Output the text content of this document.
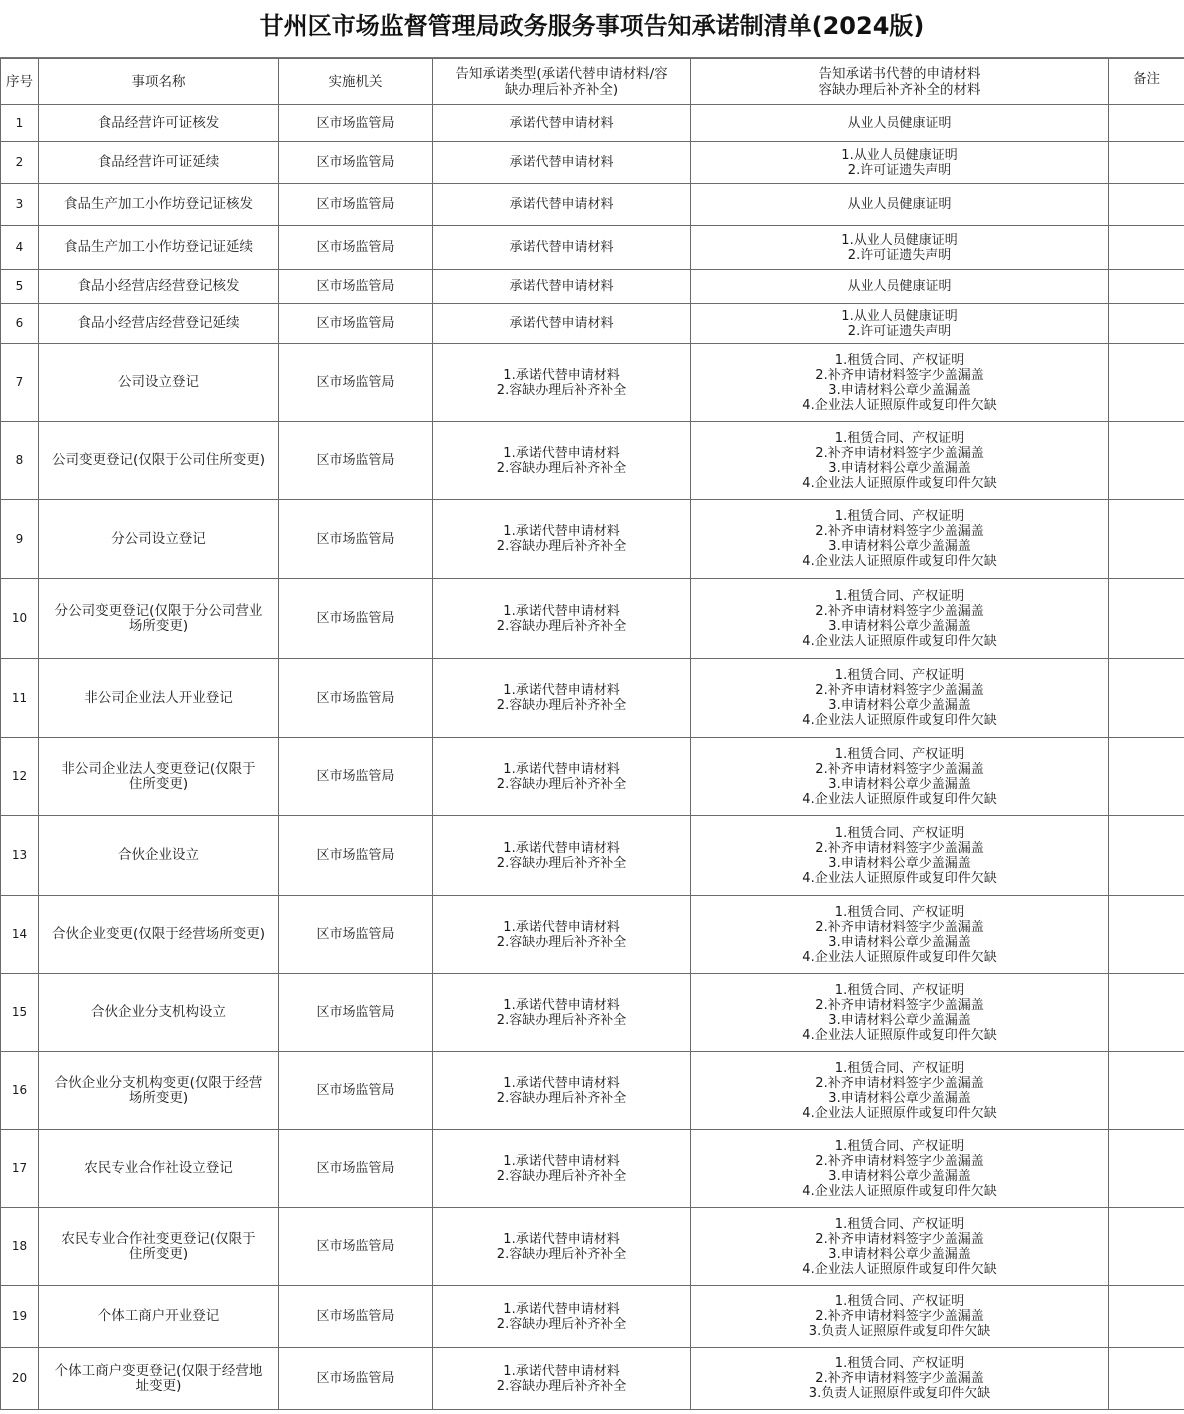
甘州区市场监督管理局政务服务事项告知承诺制清单(2024版)
序号	事项名称	实施机关	告知承诺类型(承诺代替申请材料/容
缺办理后补齐补全)	告知承诺书代替的申请材料
容缺办理后补齐补全的材料	备注
1	食品经营许可证核发	区市场监管局	承诺代替申请材料	从业人员健康证明	

2	食品经营许可证延续	区市场监管局	承诺代替申请材料	1.从业人员健康证明
2.许可证遗失声明	

3	食品生产加工小作坊登记证核发	区市场监管局	承诺代替申请材料	从业人员健康证明	

4	食品生产加工小作坊登记证延续	区市场监管局	承诺代替申请材料	1.从业人员健康证明
2.许可证遗失声明	

5	食品小经营店经营登记核发	区市场监管局	承诺代替申请材料	从业人员健康证明	

6	食品小经营店经营登记延续	区市场监管局	承诺代替申请材料	1.从业人员健康证明
2.许可证遗失声明	

7	公司设立登记	区市场监管局	1.承诺代替申请材料
2.容缺办理后补齐补全	1.租赁合同、产权证明
2.补齐申请材料签字少盖漏盖
3.申请材料公章少盖漏盖
4.企业法人证照原件或复印件欠缺	

8	公司变更登记(仅限于公司住所变更)	区市场监管局	1.承诺代替申请材料
2.容缺办理后补齐补全	1.租赁合同、产权证明
2.补齐申请材料签字少盖漏盖
3.申请材料公章少盖漏盖
4.企业法人证照原件或复印件欠缺	

9	分公司设立登记	区市场监管局	1.承诺代替申请材料
2.容缺办理后补齐补全	1.租赁合同、产权证明
2.补齐申请材料签字少盖漏盖
3.申请材料公章少盖漏盖
4.企业法人证照原件或复印件欠缺	

10	分公司变更登记(仅限于分公司营业
场所变更)	区市场监管局	1.承诺代替申请材料
2.容缺办理后补齐补全	1.租赁合同、产权证明
2.补齐申请材料签字少盖漏盖
3.申请材料公章少盖漏盖
4.企业法人证照原件或复印件欠缺	

11	非公司企业法人开业登记	区市场监管局	1.承诺代替申请材料
2.容缺办理后补齐补全	1.租赁合同、产权证明
2.补齐申请材料签字少盖漏盖
3.申请材料公章少盖漏盖
4.企业法人证照原件或复印件欠缺	

12	非公司企业法人变更登记(仅限于
住所变更)	区市场监管局	1.承诺代替申请材料
2.容缺办理后补齐补全	1.租赁合同、产权证明
2.补齐申请材料签字少盖漏盖
3.申请材料公章少盖漏盖
4.企业法人证照原件或复印件欠缺	

13	合伙企业设立	区市场监管局	1.承诺代替申请材料
2.容缺办理后补齐补全	1.租赁合同、产权证明
2.补齐申请材料签字少盖漏盖
3.申请材料公章少盖漏盖
4.企业法人证照原件或复印件欠缺	

14	合伙企业变更(仅限于经营场所变更)	区市场监管局	1.承诺代替申请材料
2.容缺办理后补齐补全	1.租赁合同、产权证明
2.补齐申请材料签字少盖漏盖
3.申请材料公章少盖漏盖
4.企业法人证照原件或复印件欠缺	

15	合伙企业分支机构设立	区市场监管局	1.承诺代替申请材料
2.容缺办理后补齐补全	1.租赁合同、产权证明
2.补齐申请材料签字少盖漏盖
3.申请材料公章少盖漏盖
4.企业法人证照原件或复印件欠缺	

16	合伙企业分支机构变更(仅限于经营
场所变更)	区市场监管局	1.承诺代替申请材料
2.容缺办理后补齐补全	1.租赁合同、产权证明
2.补齐申请材料签字少盖漏盖
3.申请材料公章少盖漏盖
4.企业法人证照原件或复印件欠缺	

17	农民专业合作社设立登记	区市场监管局	1.承诺代替申请材料
2.容缺办理后补齐补全	1.租赁合同、产权证明
2.补齐申请材料签字少盖漏盖
3.申请材料公章少盖漏盖
4.企业法人证照原件或复印件欠缺	

18	农民专业合作社变更登记(仅限于
住所变更)	区市场监管局	1.承诺代替申请材料
2.容缺办理后补齐补全	1.租赁合同、产权证明
2.补齐申请材料签字少盖漏盖
3.申请材料公章少盖漏盖
4.企业法人证照原件或复印件欠缺	

19	个体工商户开业登记	区市场监管局	1.承诺代替申请材料
2.容缺办理后补齐补全	1.租赁合同、产权证明
2.补齐申请材料签字少盖漏盖
3.负责人证照原件或复印件欠缺	

20	个体工商户变更登记(仅限于经营地
址变更)	区市场监管局	1.承诺代替申请材料
2.容缺办理后补齐补全	1.租赁合同、产权证明
2.补齐申请材料签字少盖漏盖
3.负责人证照原件或复印件欠缺	
